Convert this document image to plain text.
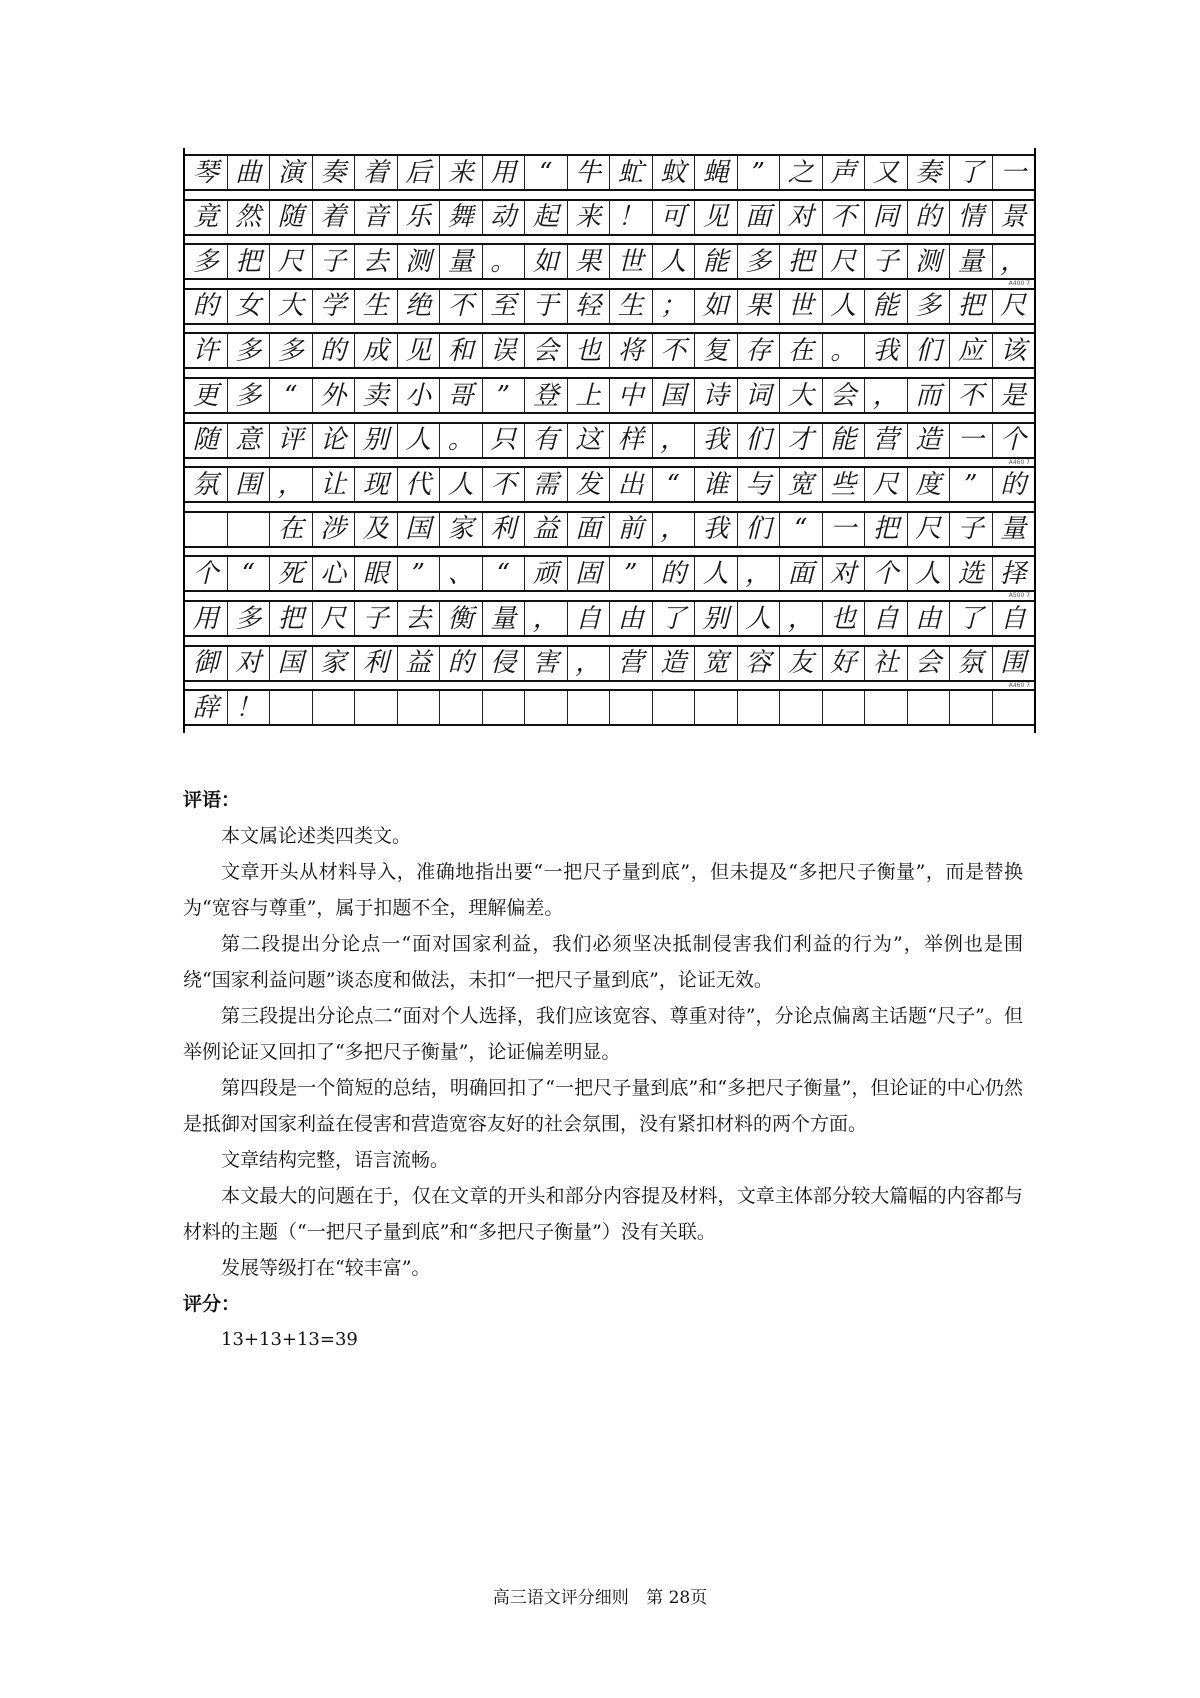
琴 曲 演 奏 着 后 来 用 “ 牛 虻 蚊 蝇 ” 之 声 又 奏 了 一
竟 然 随 着 音 乐 舞 动 起 来 ！ 可 见 面 对 不 同 的 情 景
多 把 尺 子 去 测 量 。 如 果 世 人 能 多 把 尺 子 测 量 ，
A400 7
的 女 大 学 生 绝 不 至 于 轻 生 ； 如 果 世 人 能 多 把 尺
许 多 多 的 成 见 和 误 会 也 将 不 复 存 在 。 我 们 应 该
更 多 “ 外 卖 小 哥 ” 登 上 中 国 诗 词 大 会 ， 而 不 是
随 意 评 论 别 人 。 只 有 这 样 ， 我 们 才 能 营 造 一 个
A460 7
氛 围 ， 让 现 代 人 不 需 发 出 “ 谁 与 宽 些 尺 度 ” 的
在 涉 及 国 家 利 益 面 前 ， 我 们 “ 一 把 尺 子 量
个 “ 死 心 眼 ” 、 “ 顽 固 ” 的 人 ， 面 对 个 人 选 择
A500 7
用 多 把 尺 子 去 衡 量 ， 自 由 了 别 人 ， 也 自 由 了 自
御 对 国 家 利 益 的 侵 害 ， 营 造 宽 容 友 好 社 会 氛 围
A460 7
辞 ！
评语：

本文属论述类四类文。

文章开头从材料导入，准确地指出要“一把尺子量到底”，但未提及“多把尺子衡量”，而是替换为“宽容与尊重”，属于扣题不全，理解偏差。

第二段提出分论点一“面对国家利益，我们必须坚决抵制侵害我们利益的行为”，举例也是围绕“国家利益问题”谈态度和做法，未扣“一把尺子量到底”，论证无效。

第三段提出分论点二“面对个人选择，我们应该宽容、尊重对待”，分论点偏离主话题“尺子”。但举例论证又回扣了“多把尺子衡量”，论证偏差明显。

第四段是一个简短的总结，明确回扣了“一把尺子量到底”和“多把尺子衡量”，但论证的中心仍然是抵御对国家利益在侵害和营造宽容友好的社会氛围，没有紧扣材料的两个方面。

文章结构完整，语言流畅。

本文最大的问题在于，仅在文章的开头和部分内容提及材料，文章主体部分较大篇幅的内容都与材料的主题（“一把尺子量到底”和“多把尺子衡量”）没有关联。

发展等级打在“较丰富”。

评分：
13+13+13=39
高三语文评分细则 第 28页
